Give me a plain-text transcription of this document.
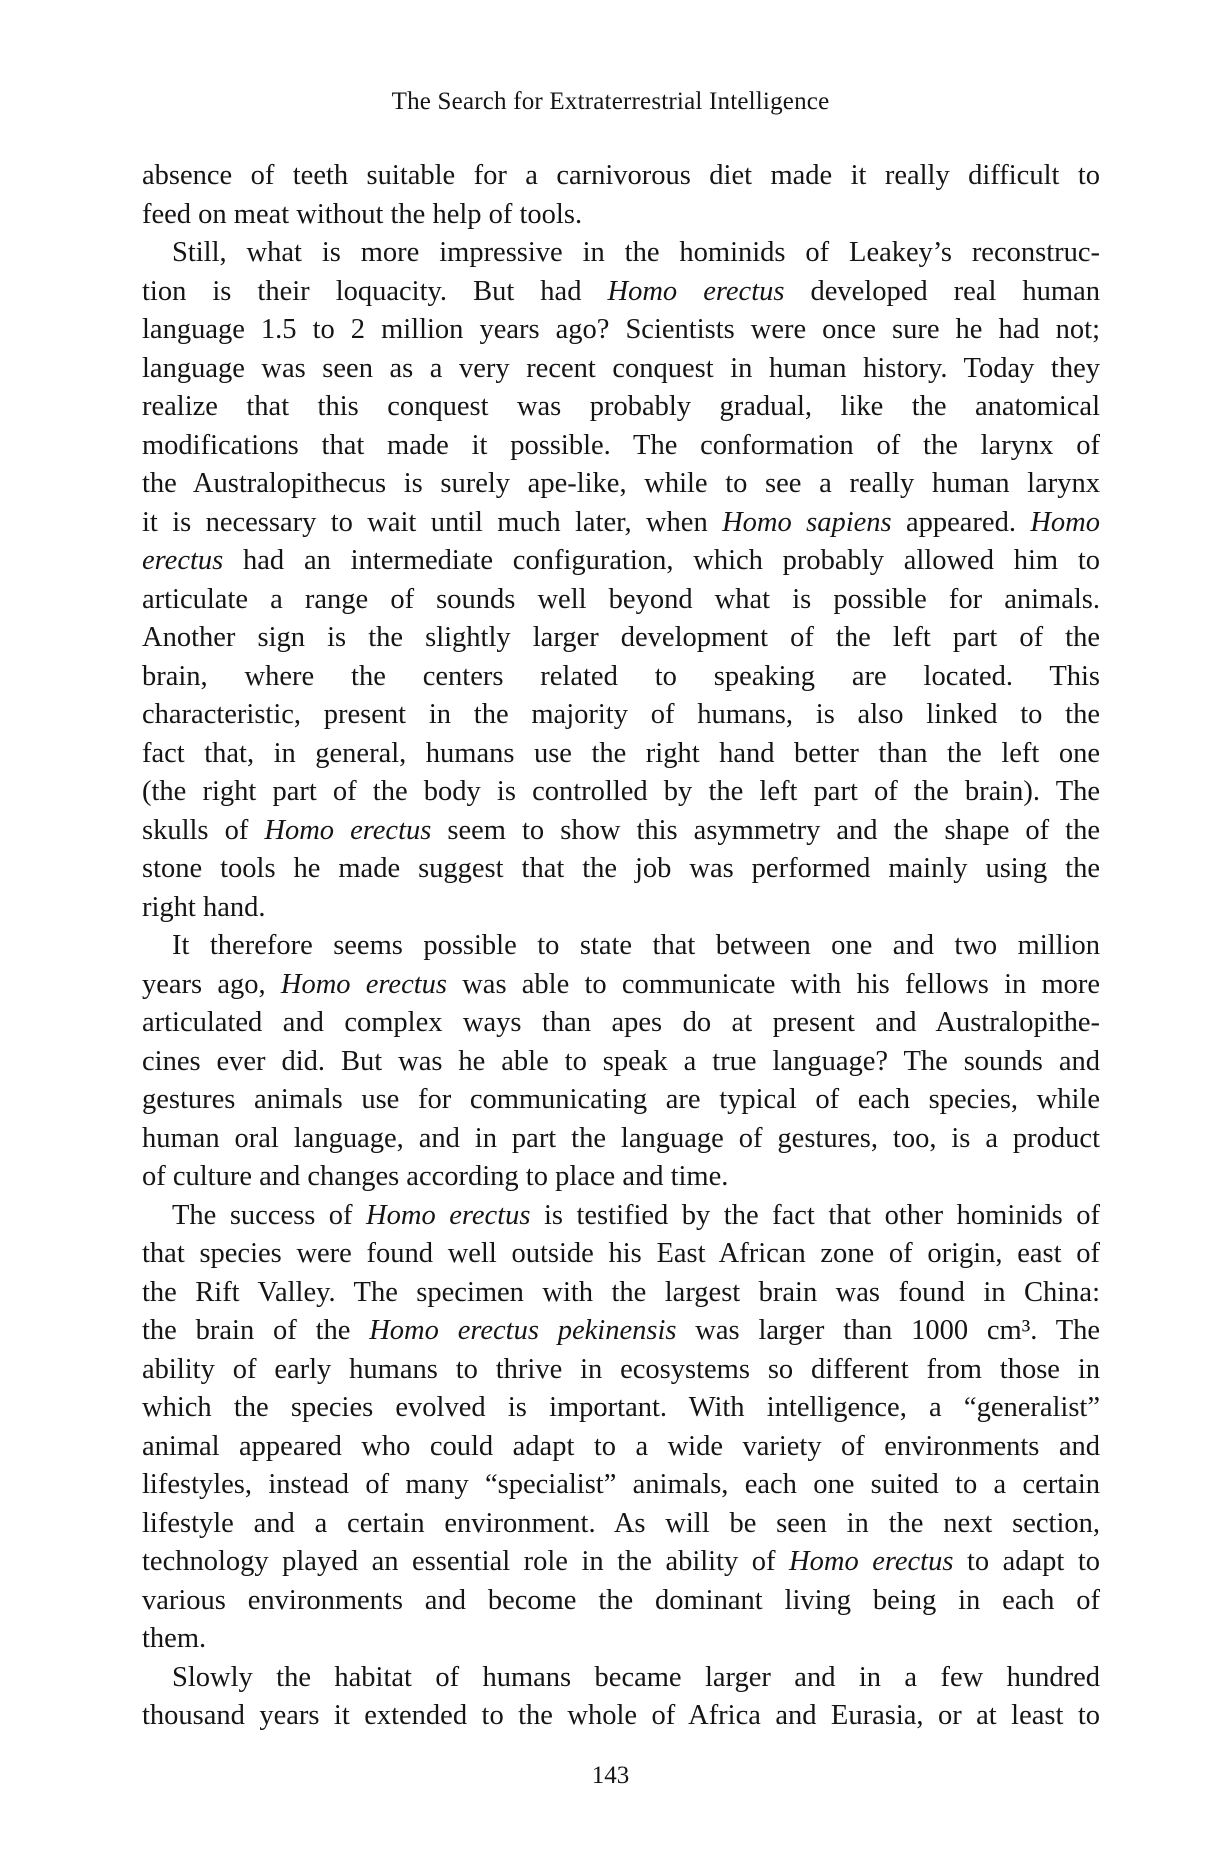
The Search for Extraterrestrial Intelligence
absence of teeth suitable for a carnivorous diet made it really difficult to
feed on meat without the help of tools.
Still, what is more impressive in the hominids of Leakey’s reconstruc-
tion is their loquacity. But had Homo erectus developed real human
language 1.5 to 2 million years ago? Scientists were once sure he had not;
language was seen as a very recent conquest in human history. Today they
realize that this conquest was probably gradual, like the anatomical
modifications that made it possible. The conformation of the larynx of
the Australopithecus is surely ape-like, while to see a really human larynx
it is necessary to wait until much later, when Homo sapiens appeared. Homo
erectus had an intermediate configuration, which probably allowed him to
articulate a range of sounds well beyond what is possible for animals.
Another sign is the slightly larger development of the left part of the
brain, where the centers related to speaking are located. This
characteristic, present in the majority of humans, is also linked to the
fact that, in general, humans use the right hand better than the left one
(the right part of the body is controlled by the left part of the brain). The
skulls of Homo erectus seem to show this asymmetry and the shape of the
stone tools he made suggest that the job was performed mainly using the
right hand.
It therefore seems possible to state that between one and two million
years ago, Homo erectus was able to communicate with his fellows in more
articulated and complex ways than apes do at present and Australopithe-
cines ever did. But was he able to speak a true language? The sounds and
gestures animals use for communicating are typical of each species, while
human oral language, and in part the language of gestures, too, is a product
of culture and changes according to place and time.
The success of Homo erectus is testified by the fact that other hominids of
that species were found well outside his East African zone of origin, east of
the Rift Valley. The specimen with the largest brain was found in China:
the brain of the Homo erectus pekinensis was larger than 1000 cm³. The
ability of early humans to thrive in ecosystems so different from those in
which the species evolved is important. With intelligence, a “generalist”
animal appeared who could adapt to a wide variety of environments and
lifestyles, instead of many “specialist” animals, each one suited to a certain
lifestyle and a certain environment. As will be seen in the next section,
technology played an essential role in the ability of Homo erectus to adapt to
various environments and become the dominant living being in each of
them.
Slowly the habitat of humans became larger and in a few hundred
thousand years it extended to the whole of Africa and Eurasia, or at least to
143
